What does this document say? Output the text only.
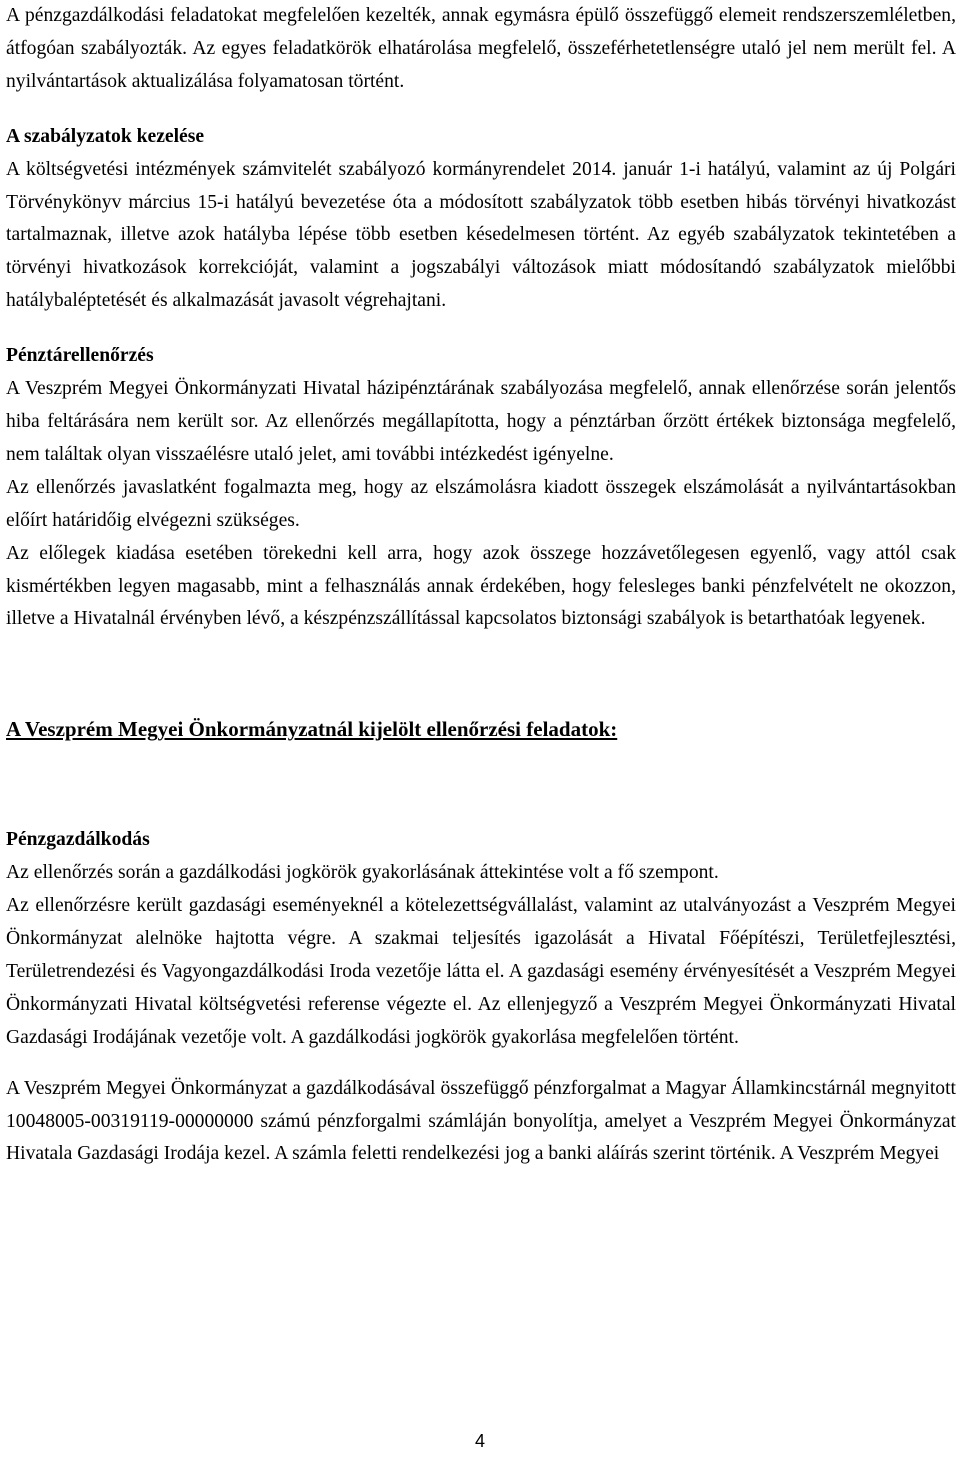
A pénzgazdálkodási feladatokat megfelelően kezelték, annak egymásra épülő összefüggő elemeit rendszerszemléletben, átfogóan szabályozták. Az egyes feladatkörök elhatárolása megfelelő, összeférhetetlenségre utaló jel nem merült fel. A nyilvántartások aktualizálása folyamatosan történt.

A szabályzatok kezelése

A költségvetési intézmények számvitelét szabályozó kormányrendelet 2014. január 1-i hatályú, valamint az új Polgári Törvénykönyv március 15-i hatályú bevezetése óta a módosított szabályzatok több esetben hibás törvényi hivatkozást tartalmaznak, illetve azok hatályba lépése több esetben késedelmesen történt. Az egyéb szabályzatok tekintetében a törvényi hivatkozások korrekcióját, valamint a jogszabályi változások miatt módosítandó szabályzatok mielőbbi hatálybaléptetését és alkalmazását javasolt végrehajtani.

Pénztárellenőrzés

A Veszprém Megyei Önkormányzati Hivatal házipénztárának szabályozása megfelelő, annak ellenőrzése során jelentős hiba feltárására nem került sor. Az ellenőrzés megállapította, hogy a pénztárban őrzött értékek biztonsága megfelelő, nem találtak olyan visszaélésre utaló jelet, ami további intézkedést igényelne.

Az ellenőrzés javaslatként fogalmazta meg, hogy az elszámolásra kiadott összegek elszámolását a nyilvántartásokban előírt határidőig elvégezni szükséges.

Az előlegek kiadása esetében törekedni kell arra, hogy azok összege hozzávetőlegesen egyenlő, vagy attól csak kismértékben legyen magasabb, mint a felhasználás annak érdekében, hogy felesleges banki pénzfelvételt ne okozzon, illetve a Hivatalnál érvényben lévő, a készpénzszállítással kapcsolatos biztonsági szabályok is betarthatóak legyenek.

A Veszprém Megyei Önkormányzatnál kijelölt ellenőrzési feladatok:
Pénzgazdálkodás

Az ellenőrzés során a gazdálkodási jogkörök gyakorlásának áttekintése volt a fő szempont.

Az ellenőrzésre került gazdasági eseményeknél a kötelezettségvállalást, valamint az utalványozást a Veszprém Megyei Önkormányzat alelnöke hajtotta végre. A szakmai teljesítés igazolását a Hivatal Főépítészi, Területfejlesztési, Területrendezési és Vagyongazdálkodási Iroda vezetője látta el. A gazdasági esemény érvényesítését a Veszprém Megyei Önkormányzati Hivatal költségvetési referense végezte el. Az ellenjegyző a Veszprém Megyei Önkormányzati Hivatal Gazdasági Irodájának vezetője volt. A gazdálkodási jogkörök gyakorlása megfelelően történt.

A Veszprém Megyei Önkormányzat a gazdálkodásával összefüggő pénzforgalmat a Magyar Államkincstárnál megnyitott 10048005-00319119-00000000 számú pénzforgalmi számláján bonyolítja, amelyet a Veszprém Megyei Önkormányzat Hivatala Gazdasági Irodája kezel. A számla feletti rendelkezési jog a banki aláírás szerint történik. A Veszprém Megyei

4
